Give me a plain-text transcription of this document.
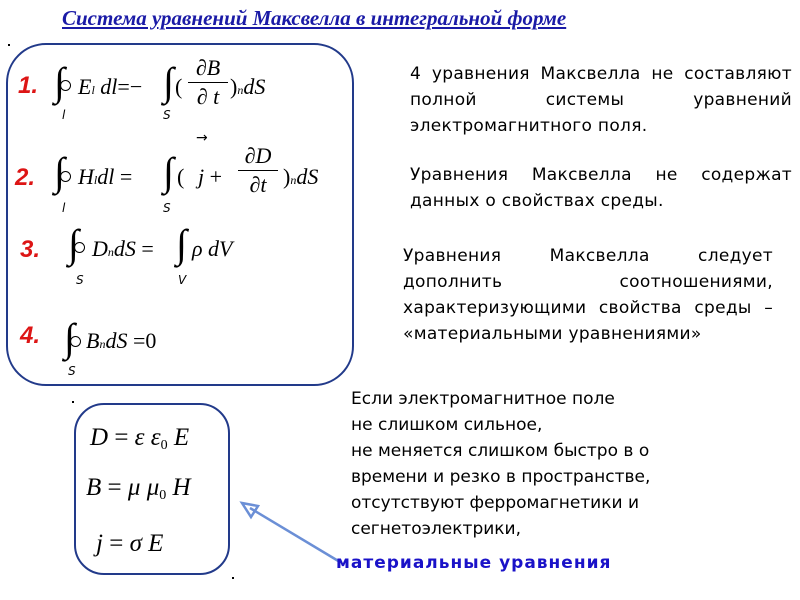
Система уравнений Максвелла в интегральной форме
1.
2.
3.
4.
∫
l
El dl=− ∫
S
(
∂B
∂ t )ndS
∫
l
Hldl = ∫
S
(
→
j +
∂D
∂t )ndS
∫
S
DndS = ∫
V
ρ dV
∫
S
BndS =0
4 уравнения Максвелла не составляют полной системы уравнений электромагнитного поля.
Уравнения Максвелла не содержат данных о свойствах среды.
Уравнения Максвелла следует дополнить соотношениями, характеризующими свойства среды – «материальными уравнениями»
Если электромагнитное поле
не слишком сильное,
не меняется слишком быстро в о
времени и резко в пространстве,
отсутствуют ферромагнетики и
сегнетоэлектрики,
D = ε ε0 E
B = μ μ0 H
j = σ E
материальные уравнения
